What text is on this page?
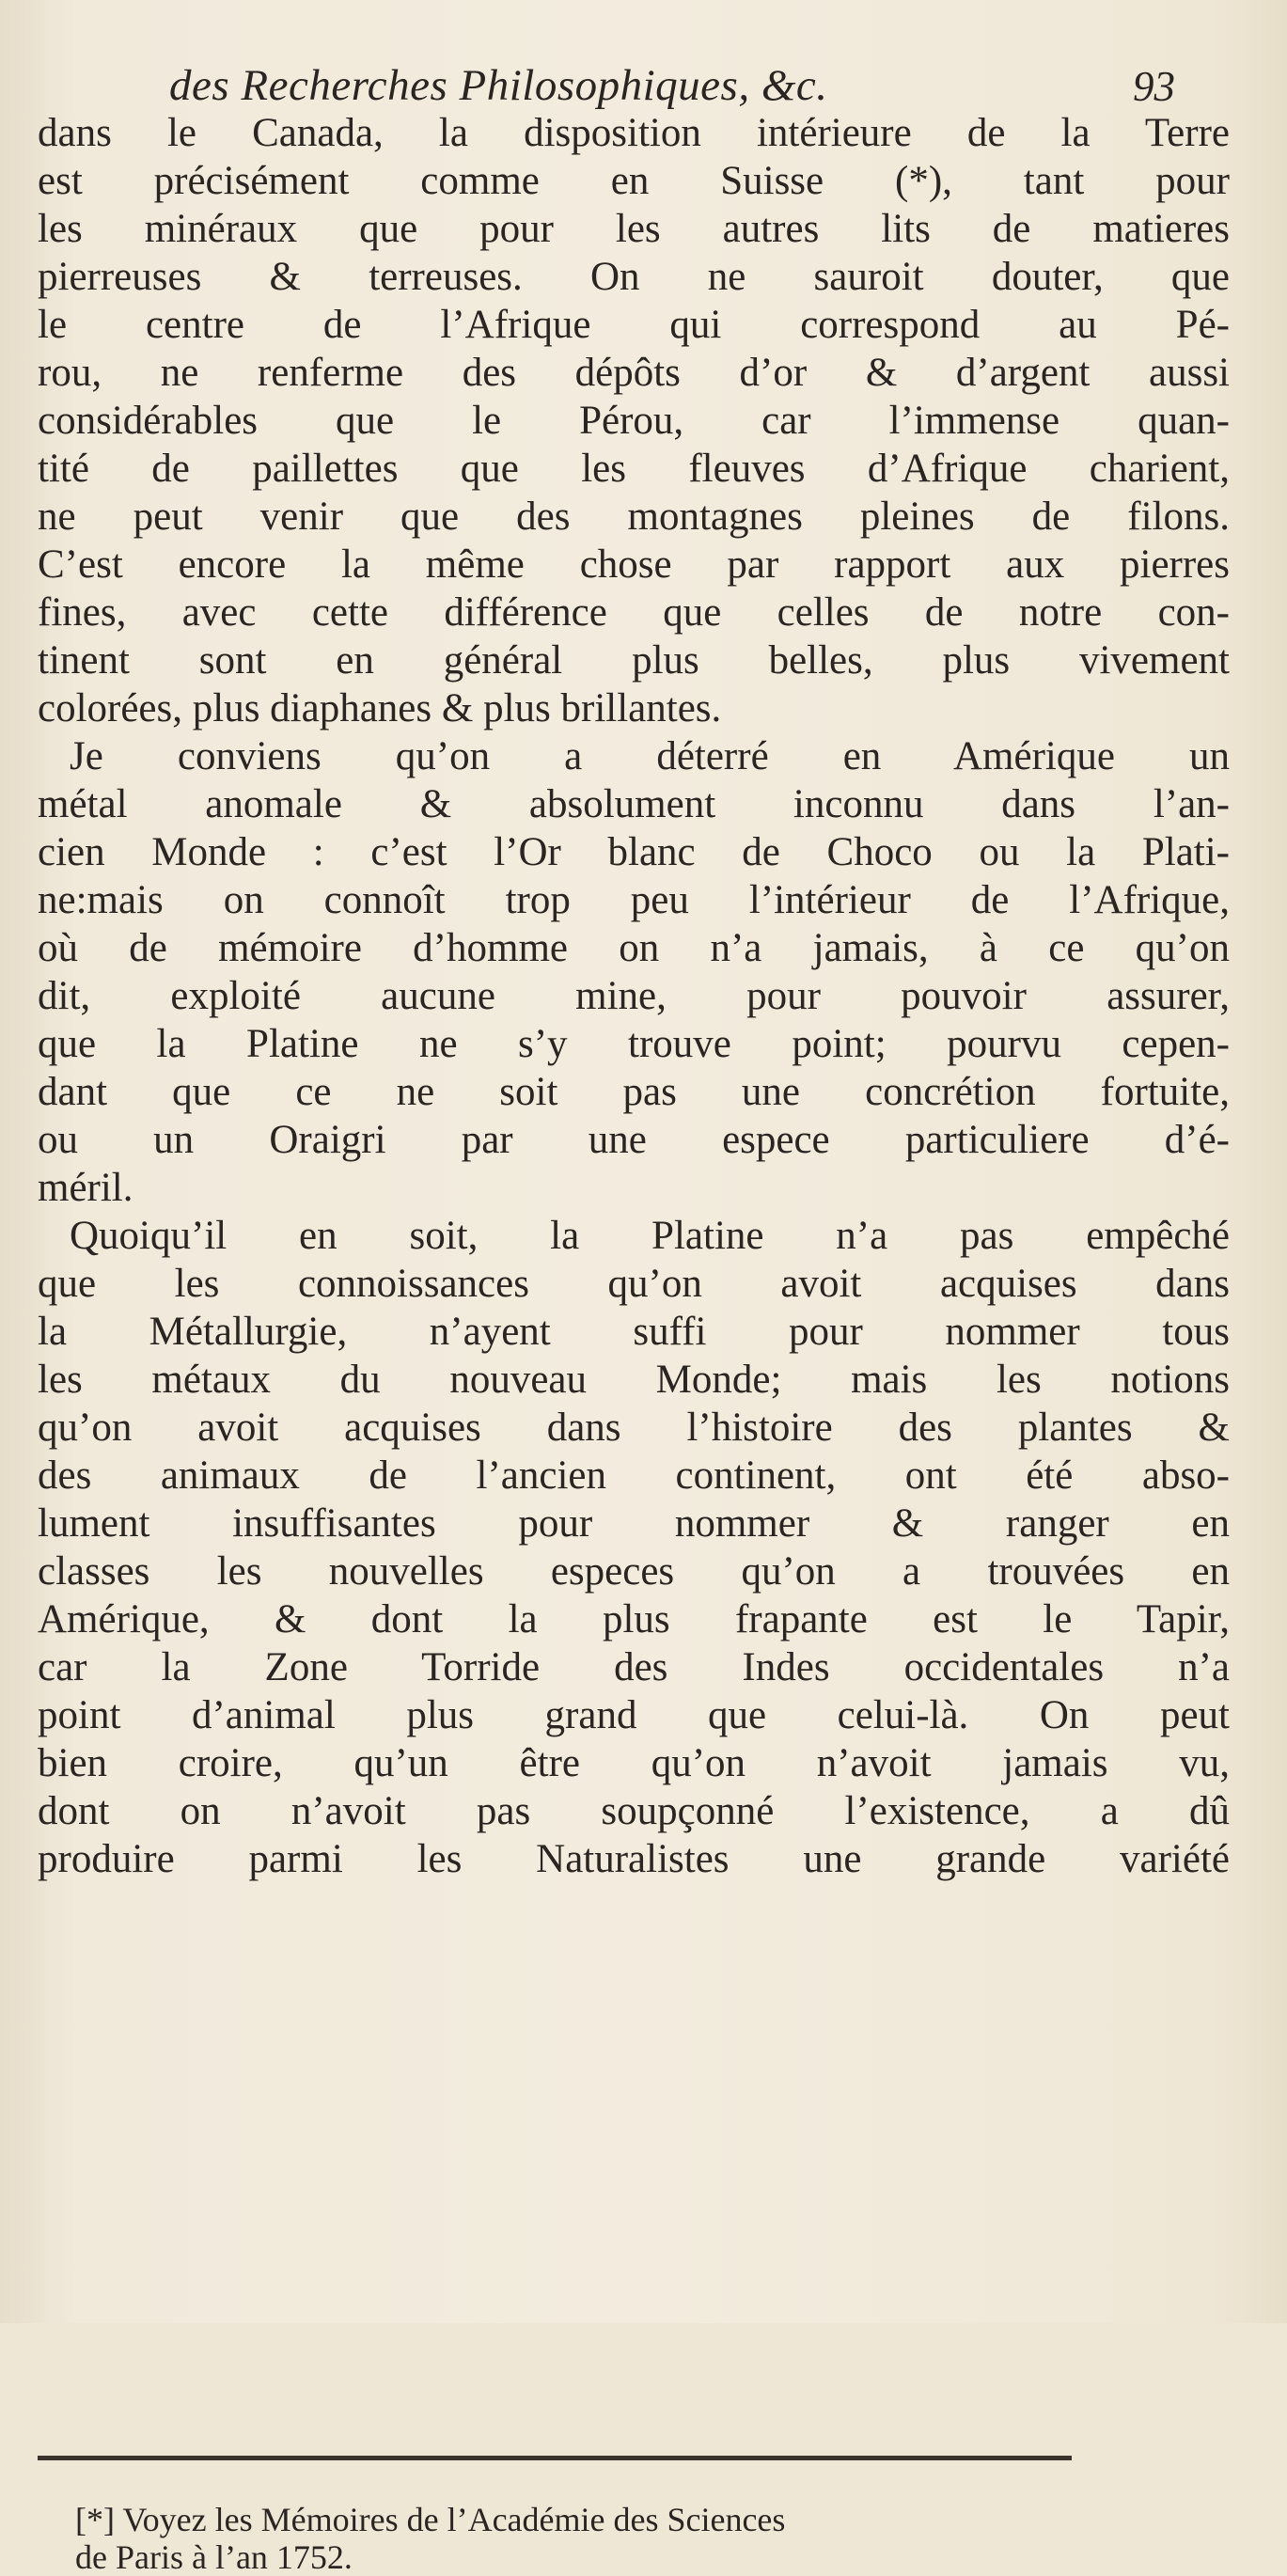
des Recherches Philosophiques, &c.	93
dans le Canada, la disposition intérieure de la Terre
est précisément comme en Suisse (*), tant pour
les minéraux que pour les autres lits de matieres
pierreuses & terreuses. On ne sauroit douter, que
le centre de l’Afrique qui correspond au Pé-
rou, ne renferme des dépôts d’or & d’argent aussi
considérables que le Pérou, car l’immense quan-
tité de paillettes que les fleuves d’Afrique charient,
ne peut venir que des montagnes pleines de filons.
C’est encore la même chose par rapport aux pierres
fines, avec cette différence que celles de notre con-
tinent sont en général plus belles, plus vivement
colorées, plus diaphanes & plus brillantes.
Je conviens qu’on a déterré en Amérique un
métal anomale & absolument inconnu dans l’an-
cien Monde : c’est l’Or blanc de Choco ou la Plati-
ne:mais on connoît trop peu l’intérieur de l’Afrique,
où de mémoire d’homme on n’a jamais, à ce qu’on
dit, exploité aucune mine, pour pouvoir assurer,
que la Platine ne s’y trouve point; pourvu cepen-
dant que ce ne soit pas une concrétion fortuite,
ou un Oraigri par une espece particuliere d’é-
méril.
Quoiqu’il en soit, la Platine n’a pas empêché
que les connoissances qu’on avoit acquises dans
la Métallurgie, n’ayent suffi pour nommer tous
les métaux du nouveau Monde; mais les notions
qu’on avoit acquises dans l’histoire des plantes &
des animaux de l’ancien continent, ont été abso-
lument insuffisantes pour nommer & ranger en
classes les nouvelles especes qu’on a trouvées en
Amérique, & dont la plus frapante est le Tapir,
car la Zone Torride des Indes occidentales n’a
point d’animal plus grand que celui-là. On peut
bien croire, qu’un être qu’on n’avoit jamais vu,
dont on n’avoit pas soupçonné l’existence, a dû
produire parmi les Naturalistes une grande variété
[*] Voyez les Mémoires de l’Académie des Sciences
de Paris à l’an 1752.
